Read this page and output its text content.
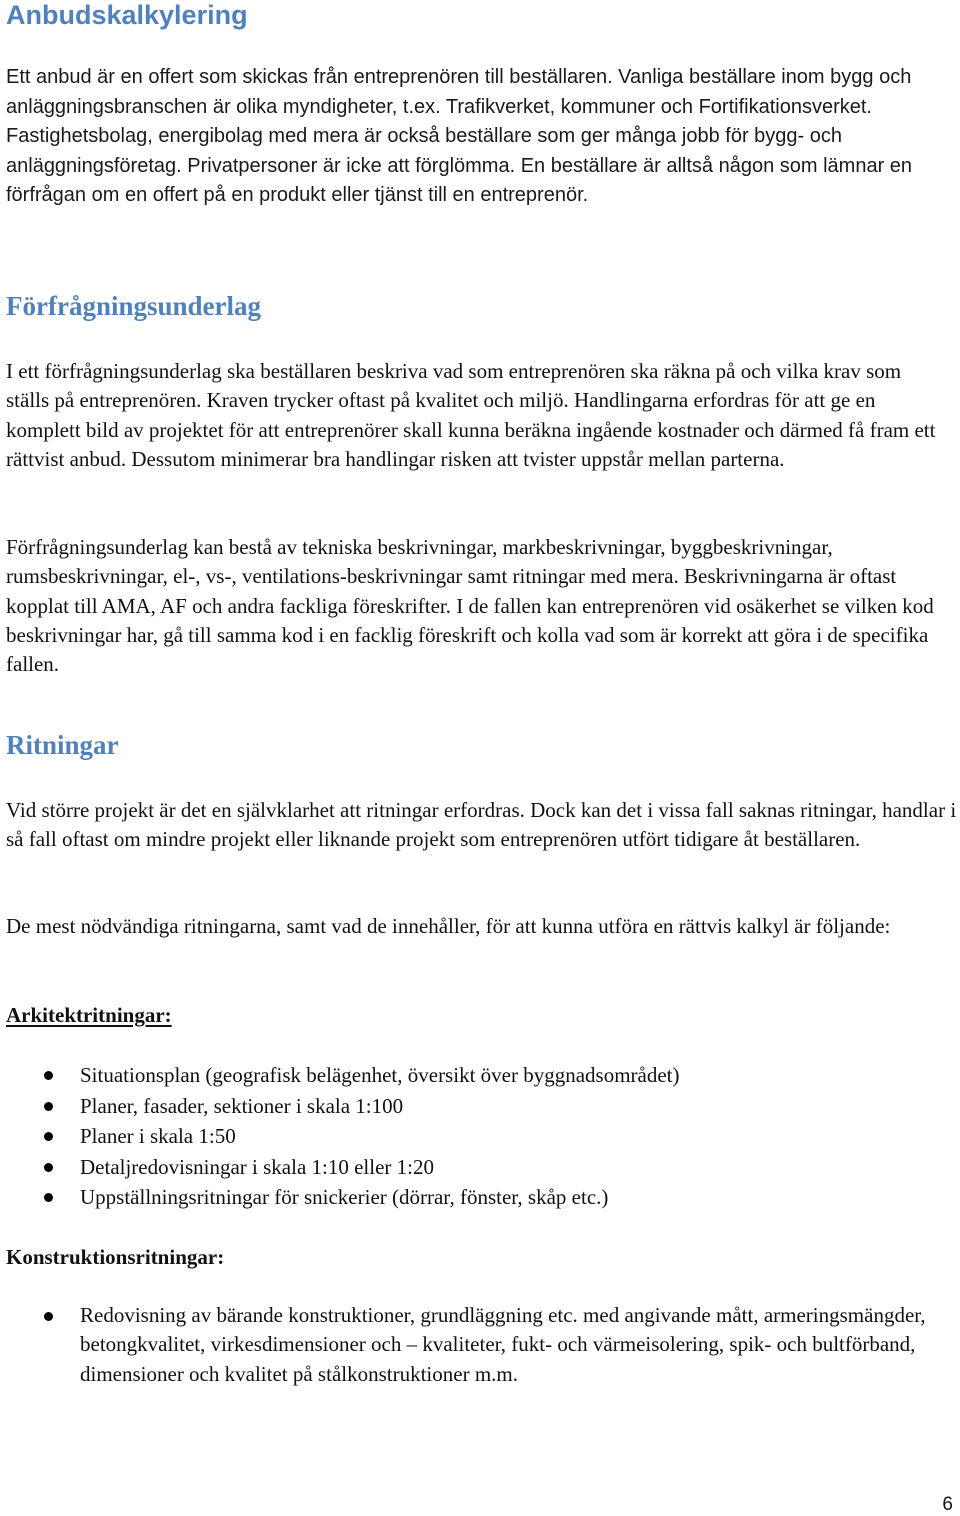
Anbudskalkylering

Ett anbud är en offert som skickas från entreprenören till beställaren. Vanliga beställare inom bygg och anläggningsbranschen är olika myndigheter, t.ex. Trafikverket, kommuner och Fortifikationsverket. Fastighetsbolag, energibolag med mera är också beställare som ger många jobb för bygg- och anläggningsföretag. Privatpersoner är icke att förglömma. En beställare är alltså någon som lämnar en förfrågan om en offert på en produkt eller tjänst till en entreprenör.

Förfrågningsunderlag

I ett förfrågningsunderlag ska beställaren beskriva vad som entreprenören ska räkna på och vilka krav som ställs på entreprenören. Kraven trycker oftast på kvalitet och miljö. Handlingarna erfordras för att ge en komplett bild av projektet för att entreprenörer skall kunna beräkna ingående kostnader och därmed få fram ett rättvist anbud. Dessutom minimerar bra handlingar risken att tvister uppstår mellan parterna.

Förfrågningsunderlag kan bestå av tekniska beskrivningar, markbeskrivningar, byggbeskrivningar, rumsbeskrivningar, el-, vs-, ventilations-beskrivningar samt ritningar med mera. Beskrivningarna är oftast kopplat till AMA, AF och andra fackliga föreskrifter. I de fallen kan entreprenören vid osäkerhet se vilken kod beskrivningar har, gå till samma kod i en facklig föreskrift och kolla vad som är korrekt att göra i de specifika fallen.

Ritningar

Vid större projekt är det en självklarhet att ritningar erfordras. Dock kan det i vissa fall saknas ritningar, handlar i så fall oftast om mindre projekt eller liknande projekt som entreprenören utfört tidigare åt beställaren.

De mest nödvändiga ritningarna, samt vad de innehåller, för att kunna utföra en rättvis kalkyl är följande:

Arkitektritningar:
Situationsplan (geografisk belägenhet, översikt över byggnadsområdet)
Planer, fasader, sektioner i skala 1:100
Planer i skala 1:50
Detaljredovisningar i skala 1:10 eller 1:20
Uppställningsritningar för snickerier (dörrar, fönster, skåp etc.)
Konstruktionsritningar:
Redovisning av bärande konstruktioner, grundläggning etc. med angivande mått, armeringsmängder, betongkvalitet, virkesdimensioner och – kvaliteter, fukt- och värmeisolering, spik- och bultförband, dimensioner och kvalitet på stålkonstruktioner m.m.
6
